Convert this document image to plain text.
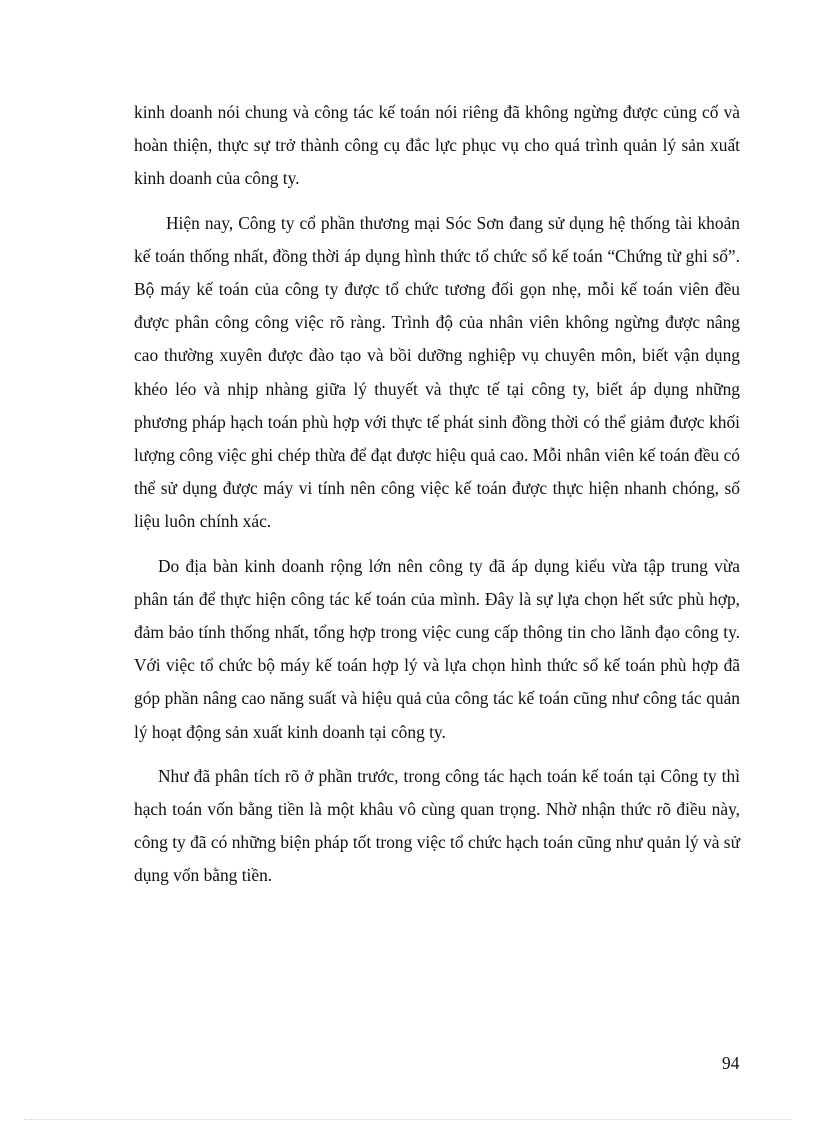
kinh doanh nói chung và công tác kế toán nói riêng đã không ngừng được củng cố và hoàn thiện, thực sự trở thành công cụ đắc lực phục vụ cho quá trình quản lý sản xuất kinh doanh của công ty.

Hiện nay, Công ty cổ phần thương mại Sóc Sơn đang sử dụng hệ thống tài khoản kế toán thống nhất, đồng thời áp dụng hình thức tổ chức sổ kế toán “Chứng từ ghi sổ”. Bộ máy kế toán của công ty được tổ chức tương đối gọn nhẹ, mỗi kế toán viên đều được phân công công việc rõ ràng. Trình độ của nhân viên không ngừng được nâng cao thường xuyên được đào tạo và bồi dưỡng nghiệp vụ chuyên môn, biết vận dụng khéo léo và nhịp nhàng giữa lý thuyết và thực tế tại công ty, biết áp dụng những phương pháp hạch toán phù hợp với thực tế phát sinh đồng thời có thể giảm được khối lượng công việc ghi chép thừa để đạt được hiệu quả cao. Mỗi nhân viên kế toán đều có thể sử dụng được máy vi tính nên công việc kế toán được thực hiện nhanh chóng, số liệu luôn chính xác.

Do địa bàn kinh doanh rộng lớn nên công ty đã áp dụng kiểu vừa tập trung vừa phân tán để thực hiện công tác kế toán của mình. Đây là sự lựa chọn hết sức phù hợp, đảm bảo tính thống nhất, tổng hợp trong việc cung cấp thông tin cho lãnh đạo công ty. Với việc tổ chức bộ máy kế toán hợp lý và lựa chọn hình thức sổ kế toán phù hợp đã góp phần nâng cao năng suất và hiệu quả của công tác kế toán cũng như công tác quản lý hoạt động sản xuất kinh doanh tại công ty.

Như đã phân tích rõ ở phần trước, trong công tác hạch toán kế toán tại Công ty thì hạch toán vốn bằng tiền là một khâu vô cùng quan trọng. Nhờ nhận thức rõ điều này, công ty đã có những biện pháp tốt trong việc tổ chức hạch toán cũng như quản lý và sử dụng vốn bằng tiền.

94
